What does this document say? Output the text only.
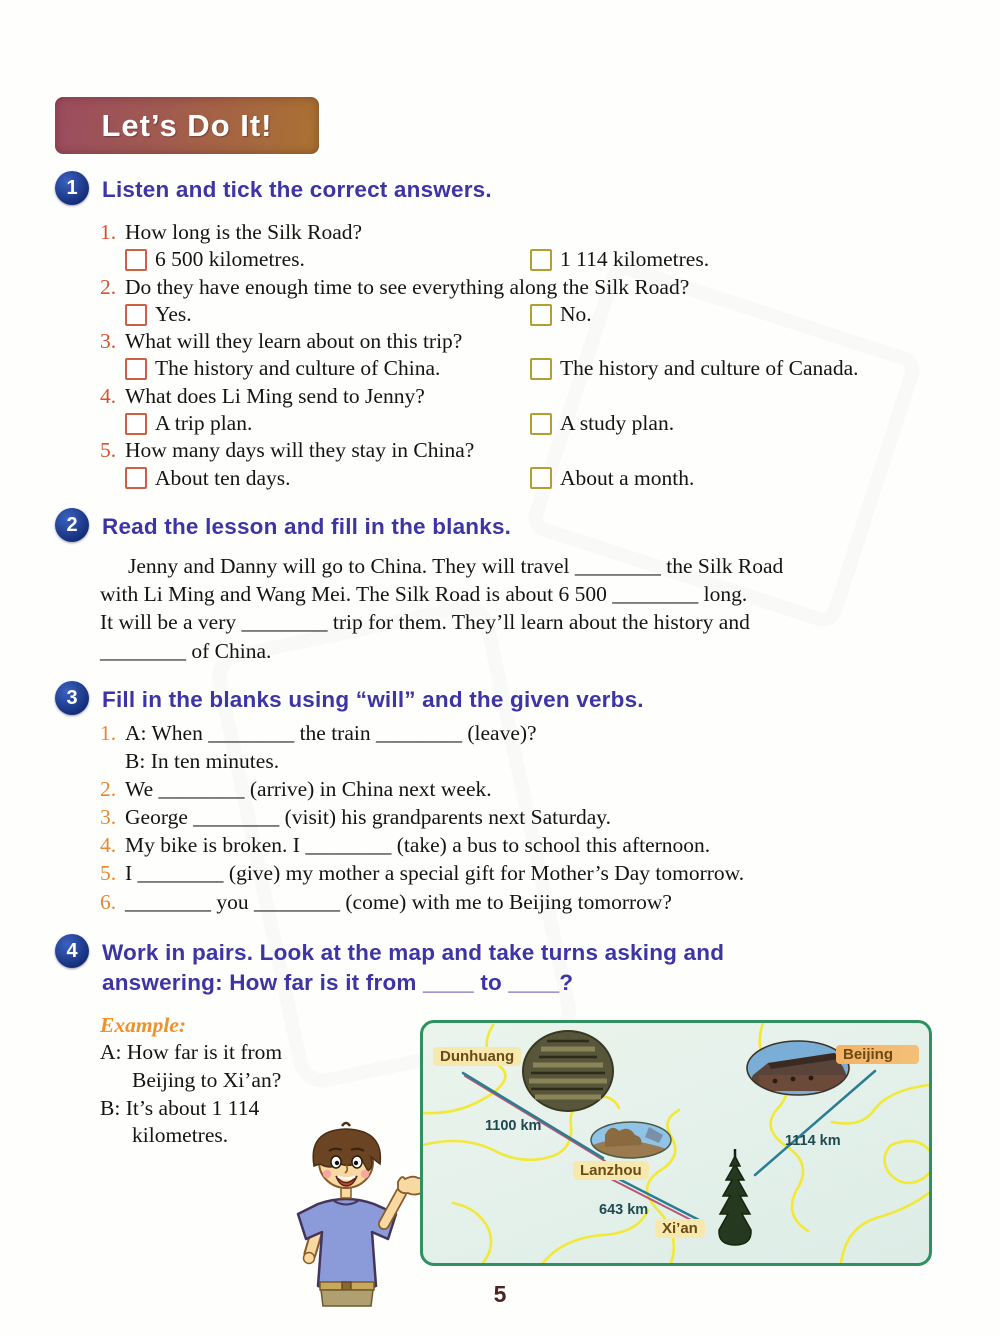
Let’s Do It!
1	Listen and tick the correct answers.
1. How long is the Silk Road?
6 500 kilometres.	1 114 kilometres.
2. Do they have enough time to see everything along the Silk Road?
Yes.	No.
3. What will they learn about on this trip?
The history and culture of China.	The history and culture of Canada.
4. What does Li Ming send to Jenny?
A trip plan.	A study plan.
5. How many days will they stay in China?
About ten days.	About a month.
2	Read the lesson and fill in the blanks.
Jenny and Danny will go to China. They will travel ________ the Silk Road
with Li Ming and Wang Mei. The Silk Road is about 6 500 ________ long.
It will be a very ________ trip for them. They’ll learn about the history and
________ of China.
3	Fill in the blanks using “will” and the given verbs.
1. A: When ________ the train ________ (leave)?
B: In ten minutes.
2. We ________ (arrive) in China next week.
3. George ________ (visit) his grandparents next Saturday.
4. My bike is broken. I ________ (take) a bus to school this afternoon.
5. I ________ (give) my mother a special gift for Mother’s Day tomorrow.
6. ________ you ________ (come) with me to Beijing tomorrow?
4	Work in pairs. Look at the map and take turns asking and
answering: How far is it from ____ to ____?
Example:
A: How far is it from
Beijing to Xi’an?
B: It’s about 1 114
kilometres.
Dunhuang	Beijing
Lanzhou
Xi’an
1100 km
1114 km
643 km
5
